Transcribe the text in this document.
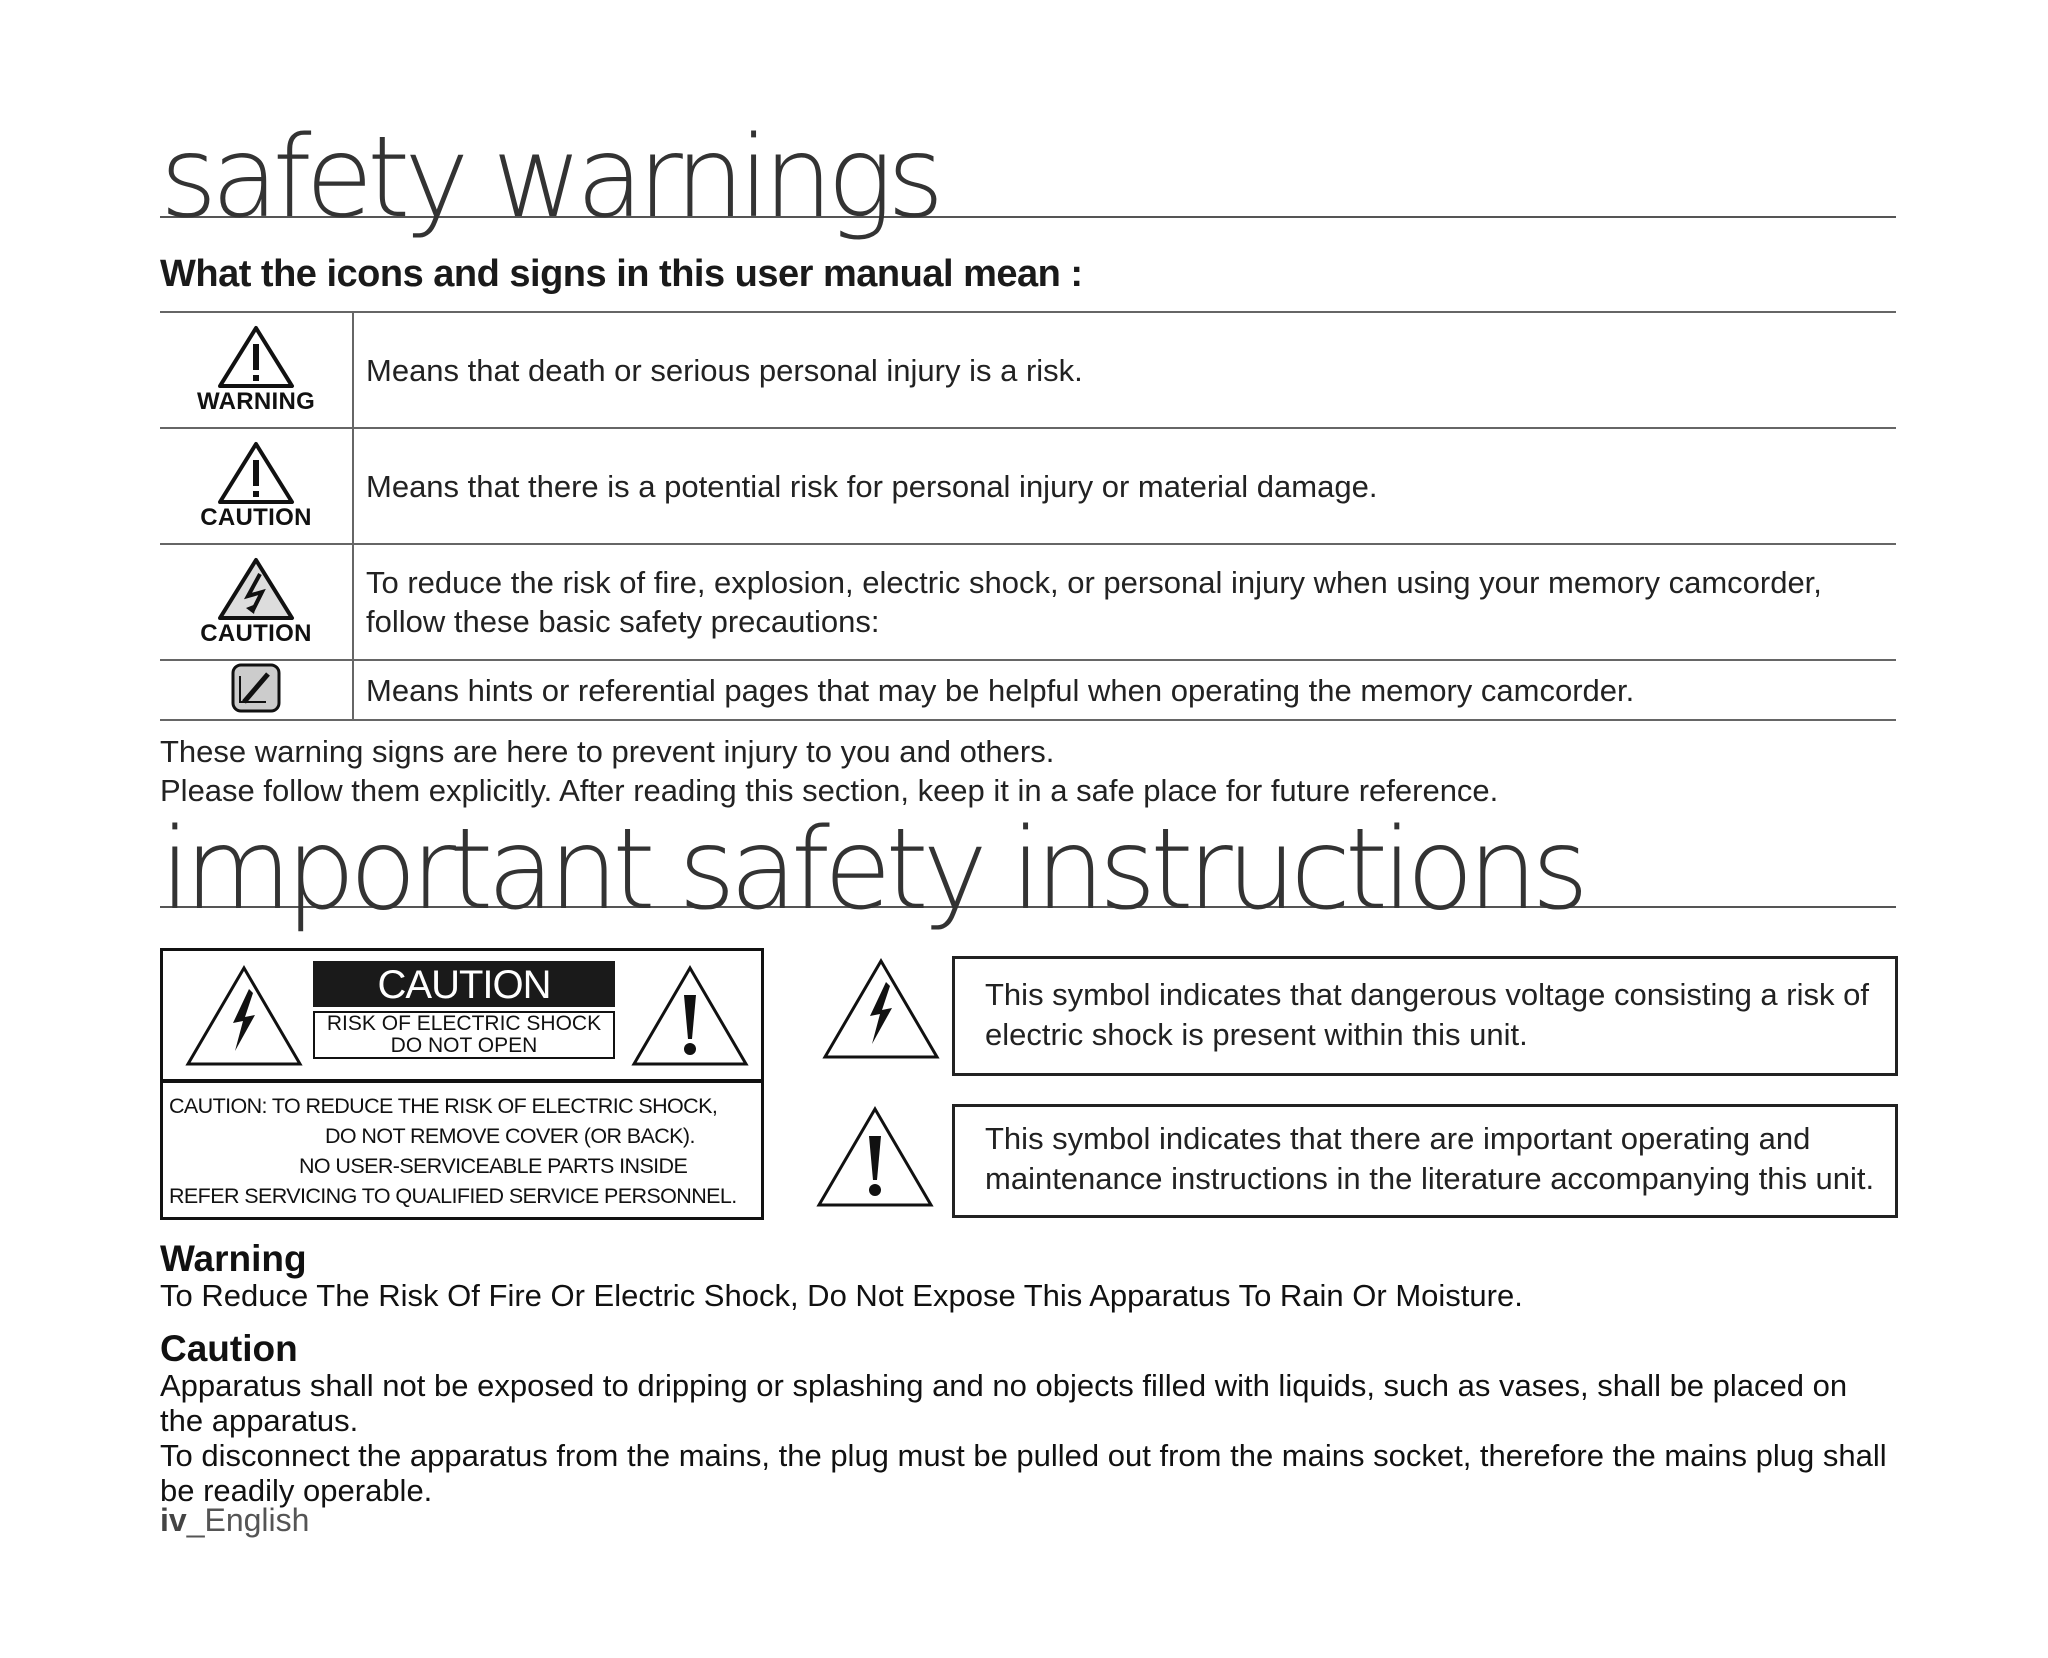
safety warnings
What the icons and signs in this user manual mean :
WARNING	Means that death or serious personal injury is a risk.

CAUTION	Means that there is a potential risk for personal injury or material damage.

CAUTION	To reduce the risk of fire, explosion, electric shock, or personal injury when using your memory camcorder, follow these basic safety precautions:
	Means hints or referential pages that may be helpful when operating the memory camcorder.
These warning signs are here to prevent injury to you and others.
Please follow them explicitly. After reading this section, keep it in a safe place for future reference.
important safety instructions
CAUTION
RISK OF ELECTRIC SHOCK
DO NOT OPEN
CAUTION: TO REDUCE THE RISK OF ELECTRIC SHOCK,
DO NOT REMOVE COVER (OR BACK).
NO USER-SERVICEABLE PARTS INSIDE
REFER SERVICING TO QUALIFIED SERVICE PERSONNEL.
This symbol indicates that dangerous voltage consisting a risk of
electric shock is present within this unit.
This symbol indicates that there are important operating and
maintenance instructions in the literature accompanying this unit.
Warning
To Reduce The Risk Of Fire Or Electric Shock, Do Not Expose This Apparatus To Rain Or Moisture.
Caution
Apparatus shall not be exposed to dripping or splashing and no objects filled with liquids, such as vases, shall be placed on the apparatus.
To disconnect the apparatus from the mains, the plug must be pulled out from the mains socket, therefore the mains plug shall be readily operable.
iv_English
